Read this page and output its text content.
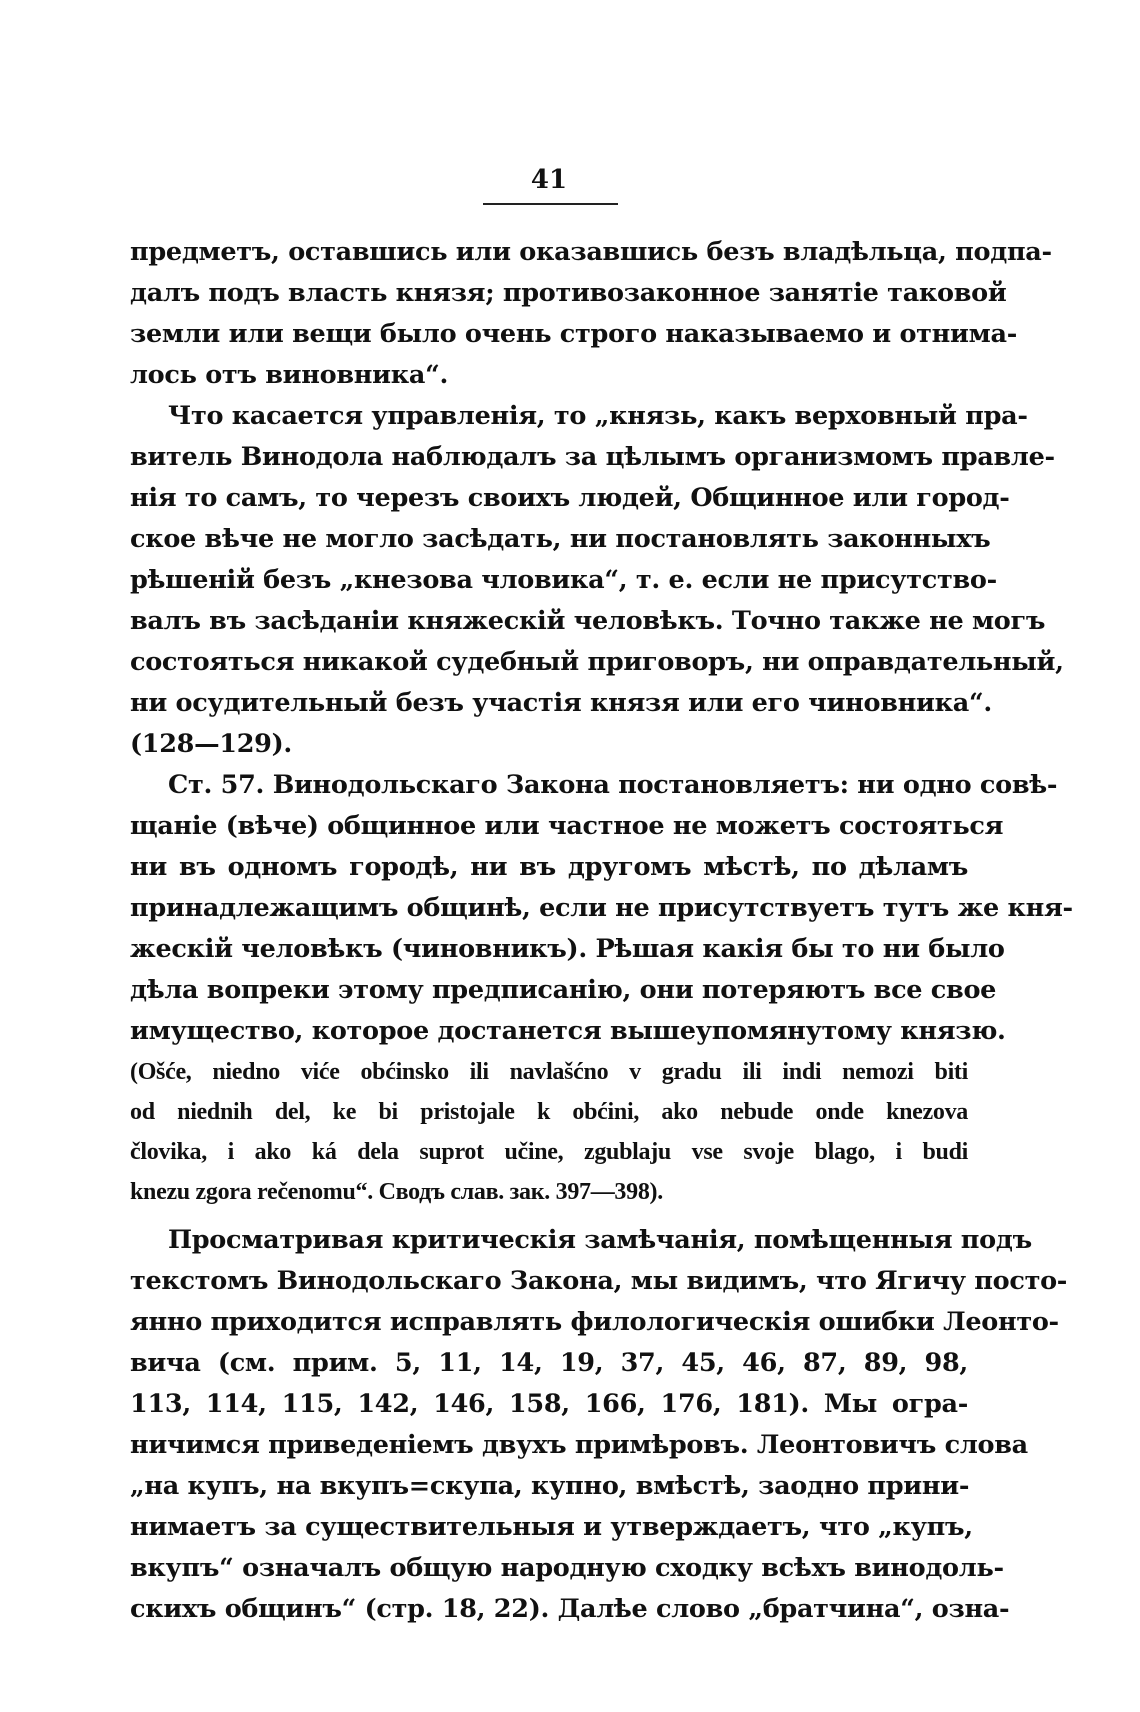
41
предметъ, оставшись или оказавшись безъ владѣльца, подпа-
далъ подъ власть князя; противозаконное занятіе таковой
земли или вещи было очень строго наказываемо и отнима-
лось отъ виновника“.
Что касается управленія, то „князь, какъ верховный пра-
витель Винодола наблюдалъ за цѣлымъ организмомъ правле-
нія то самъ, то черезъ своихъ людей, Общинное или город-
ское вѣче не могло засѣдать, ни постановлять законныхъ
рѣшеній безъ „кнезова чловика“, т. е. если не присутство-
валъ въ засѣданіи княжескій человѣкъ. Точно также не могъ
состояться никакой судебный приговоръ, ни оправдательный,
ни осудительный безъ участія князя или его чиновника“.
(128—129).
Ст. 57. Винодольскаго Закона постановляетъ: ни одно совѣ-
щаніе (вѣче) общинное или частное не можетъ состояться
ни въ одномъ городѣ, ни въ другомъ мѣстѣ, по дѣламъ
принадлежащимъ общинѣ, если не присутствуетъ тутъ же кня-
жескій человѣкъ (чиновникъ). Рѣшая какія бы то ни было
дѣла вопреки этому предписанію, они потеряютъ все свое
имущество, которое достанется вышеупомянутому князю.
(Ošće, niedno viće obćinsko ili navlašćno v gradu ili indi nemozi biti
od niednih del, ke bi pristojale k obćini, ako nebude onde knezova
človika, i ako ká dela suprot učine, zgublaju vse svoje blago, i budi
knezu zgora rečenomu“. Сводъ слав. зак. 397—398).
Просматривая критическія замѣчанія, помѣщенныя подъ
текстомъ Винодольскаго Закона, мы видимъ, что Ягичу посто-
янно приходится исправлять филологическія ошибки Леонто-
вича (см. прим. 5, 11, 14, 19, 37, 45, 46, 87, 89, 98,
113, 114, 115, 142, 146, 158, 166, 176, 181). Мы огра-
ничимся приведеніемъ двухъ примѣровъ. Леонтовичъ слова
„на купъ, на вкупъ=скупа, купно, вмѣстѣ, заодно прини-
нимаетъ за существительныя и утверждаетъ, что „купъ,
вкупъ“ означалъ общую народную сходку всѣхъ винодоль-
скихъ общинъ“ (стр. 18, 22). Далѣе слово „братчина“, озна-
